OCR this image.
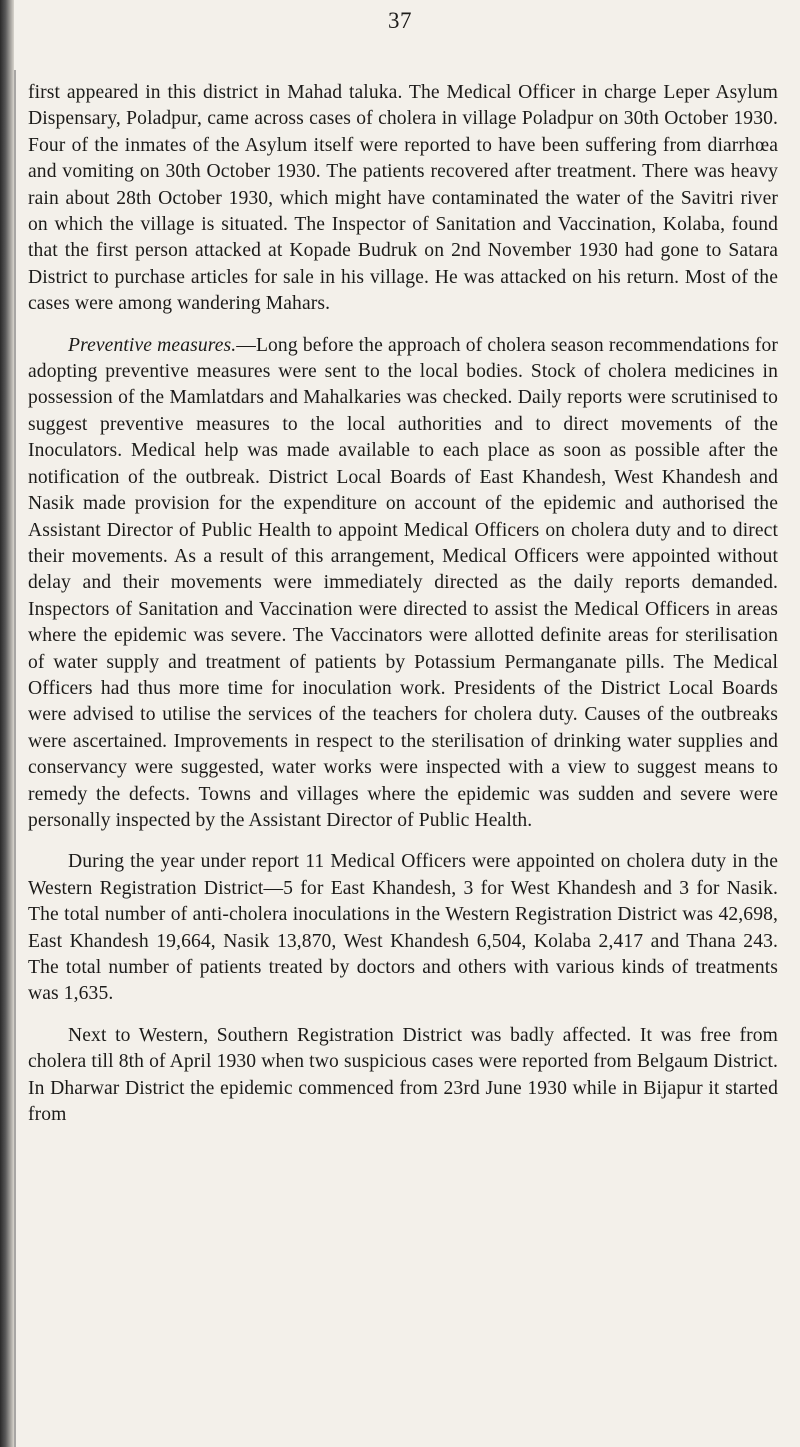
37

first appeared in this district in Mahad taluka. The Medical Officer in charge Leper Asylum Dispensary, Poladpur, came across cases of cholera in village Poladpur on 30th October 1930. Four of the inmates of the Asylum itself were reported to have been suffering from diarrhœa and vomiting on 30th October 1930. The patients recovered after treatment. There was heavy rain about 28th October 1930, which might have contaminated the water of the Savitri river on which the village is situated. The Inspector of Sanitation and Vaccination, Kolaba, found that the first person attacked at Kopade Budruk on 2nd November 1930 had gone to Satara District to purchase articles for sale in his village. He was attacked on his return. Most of the cases were among wandering Mahars.

Preventive measures.—Long before the approach of cholera season recommendations for adopting preventive measures were sent to the local bodies. Stock of cholera medicines in possession of the Mamlatdars and Mahalkaries was checked. Daily reports were scrutinised to suggest preventive measures to the local authorities and to direct movements of the Inoculators. Medical help was made available to each place as soon as possible after the notification of the outbreak. District Local Boards of East Khandesh, West Khandesh and Nasik made provision for the expenditure on account of the epidemic and authorised the Assistant Director of Public Health to appoint Medical Officers on cholera duty and to direct their movements. As a result of this arrangement, Medical Officers were appointed without delay and their movements were immediately directed as the daily reports demanded. Inspectors of Sanitation and Vaccination were directed to assist the Medical Officers in areas where the epidemic was severe. The Vaccinators were allotted definite areas for sterilisation of water supply and treatment of patients by Potassium Permanganate pills. The Medical Officers had thus more time for inoculation work. Presidents of the District Local Boards were advised to utilise the services of the teachers for cholera duty. Causes of the outbreaks were ascertained. Improvements in respect to the sterilisation of drinking water supplies and conservancy were suggested, water works were inspected with a view to suggest means to remedy the defects. Towns and villages where the epidemic was sudden and severe were personally inspected by the Assistant Director of Public Health.

During the year under report 11 Medical Officers were appointed on cholera duty in the Western Registration District—5 for East Khandesh, 3 for West Khandesh and 3 for Nasik. The total number of anti-cholera inoculations in the Western Registration District was 42,698, East Khandesh 19,664, Nasik 13,870, West Khandesh 6,504, Kolaba 2,417 and Thana 243. The total number of patients treated by doctors and others with various kinds of treatments was 1,635.

Next to Western, Southern Registration District was badly affected. It was free from cholera till 8th of April 1930 when two suspicious cases were reported from Belgaum District. In Dharwar District the epidemic commenced from 23rd June 1930 while in Bijapur it started from
